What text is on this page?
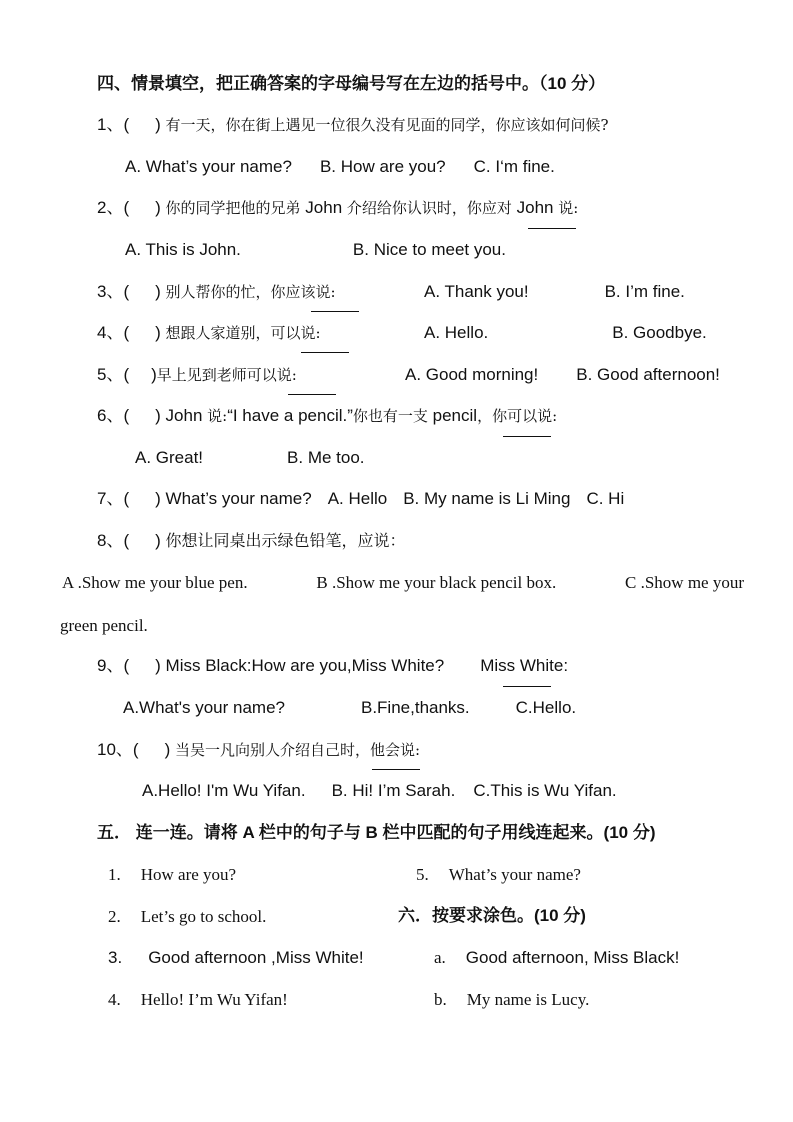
四、情景填空，把正确答案的字母编号写在左边的括号中。（10 分）
1、( ) 有一天，你在街上遇见一位很久没有见面的同学，你应该如何问候?
A. What’s your name? B. How are you? C. I‘m fine.
2、( ) 你的同学把他的兄弟 John 介绍给你认识时，你应对 John 说:
A. This is John.	B. Nice to meet you.
3、( ) 别人帮你的忙，你应该说:	A. Thank you!	B. I’m fine.
4、( ) 想跟人家道别，可以说:	A. Hello.	B. Goodbye.
5、( )早上见到老师可以说:	A. Good morning! B. Good afternoon!
6、( ) John 说:“I have a pencil.”你也有一支 pencil，你可以说:
A. Great!	B. Me too.
7、( ) What’s your name? A. Hello B. My name is Li Ming C. Hi
8、( ) 你想让同桌出示绿色铅笔，应说：
A .Show me your blue pen.	B .Show me your black pencil box.	C .Show me your
green pencil.
9、( ) Miss Black:How are you,Miss White? Miss White:
A.What's your name?	B.Fine,thanks.	C.Hello.
10、( ) 当吴一凡向别人介绍自己时，他会说:
A.Hello! I'm Wu Yifan. B. Hi! I’m Sarah. C.This is Wu Yifan.
五． 连一连。请将 A 栏中的句子与 B 栏中匹配的句子用线连起来。(10 分)
1. How are you?
2. Let’s go to school.
3. Good afternoon ,Miss White!
4. Hello! I’m Wu Yifan!
5. What’s your name?
六．按要求涂色。(10 分)
a. Good afternoon, Miss Black!
b. My name is Lucy.
